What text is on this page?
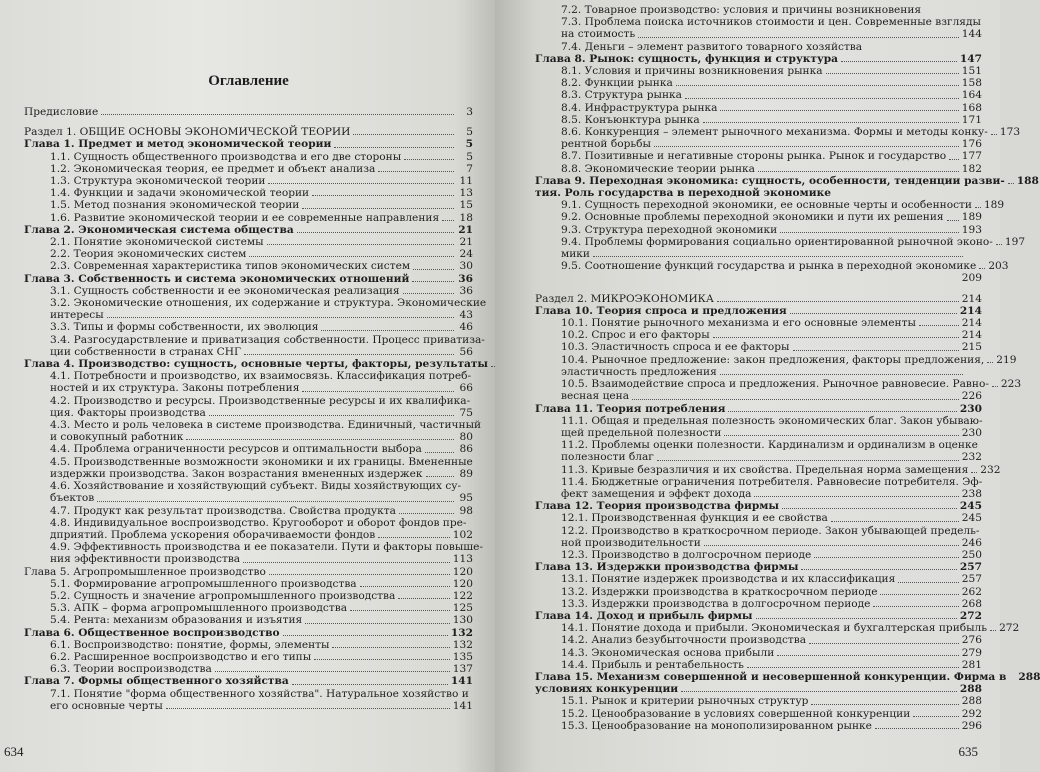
Оглавление
Предисловие	3
Раздел 1. ОБЩИЕ ОСНОВЫ ЭКОНОМИЧЕСКОЙ ТЕОРИИ	5
Глава 1. Предмет и метод экономической теории	5
1.1. Сущность общественного производства и его две стороны	5
1.2. Экономическая теория, ее предмет и объект анализа	7
1.3. Структура экономической теории	11
1.4. Функции и задачи экономической теории	13
1.5. Метод познания экономической теории	15
1.6. Развитие экономической теории и ее современные направления 18
Глава 2. Экономическая система общества	21
2.1. Понятие экономической системы	21
2.2. Теория экономических систем	24
2.3. Современная характеристика типов экономических систем	30
Глава 3. Собственность и система экономических отношений	36
3.1. Сущность собственности и ее экономическая реализация	36
3.2. Экономические отношения, их содержание и структура. Экономические
интересы	43
3.3. Типы и формы собственности, их эволюция	46
3.4. Разгосударствление и приватизация собственности. Процесс приватиза-
ции собственности в странах СНГ	56
Глава 4. Производство: сущность, основные черты, факторы, результаты
4.1. Потребности и производство, их взаимосвязь. Классификация потреб-
ностей и их структура. Законы потребления	66
4.2. Производство и ресурсы. Производственные ресурсы и их квалифика-
ция. Факторы производства	75
4.3. Место и роль человека в системе производства. Единичный, частичный
и совокупный работник	80
4.4. Проблема ограниченности ресурсов и оптимальности выбора	86
4.5. Производственные возможности экономики и их границы. Вмененные
издержки производства. Закон возрастания вмененных издержек	89
4.6. Хозяйствование и хозяйствующий субъект. Виды хозяйствующих су-
бъектов	95
4.7. Продукт как результат производства. Свойства продукта	98
4.8. Индивидуальное воспроизводство. Кругооборот и оборот фондов пре-
дприятий. Проблема ускорения оборачиваемости фондов	102
4.9. Эффективность производства и ее показатели. Пути и факторы повыше-
ния эффективности производства	113
Глава 5. Агропромышленное производство	120
5.1. Формирование агропромышленного производства	120
5.2. Сущность и значение агропромышленного производства	122
5.3. АПК – форма агропромышленного производства	125
5.4. Рента: механизм образования и изъятия	130
Глава 6. Общественное воспроизводство	132
6.1. Воспроизводство: понятие, формы, элементы	132
6.2. Расширенное воспроизводство и его типы	135
6.3. Теории воспроизводства	137
Глава 7. Формы общественного хозяйства	141
7.1. Понятие "форма общественного хозяйства". Натуральное хозяйство и
его основные черты	141
634
7.2. Товарное производство: условия и причины возникновения
7.3. Проблема поиска источников стоимости и цен. Современные взгляды
на стоимость	144
7.4. Деньги – элемент развитого товарного хозяйства
Глава 8. Рынок: сущность, функция и структура	147
8.1. Условия и причины возникновения рынка	151
8.2. Функции рынка	158
8.3. Структура рынка	164
8.4. Инфраструктура рынка	168
8.5. Конъюнктура рынка	171
8.6. Конкуренция – элемент рыночного механизма. Формы и методы конку- 173
рентной борьбы	176
8.7. Позитивные и негативные стороны рынка. Рынок и государство 177
8.8. Экономические теории рынка	182
Глава 9. Переходная экономика: сущность, особенности, тенденции разви- 188
тия. Роль государства в переходной экономике
9.1. Сущность переходной экономики, ее основные черты и особенности 189
9.2. Основные проблемы переходной экономики и пути их решения 189
9.3. Структура переходной экономики	193
9.4. Проблемы формирования социально ориентированной рыночной эконо- 197
мики
9.5. Соотношение функций государства и рынка в переходной экономике 203
209
Раздел 2. МИКРОЭКОНОМИКА	214
Глава 10. Теория спроса и предложения	214
10.1. Понятие рыночного механизма и его основные элементы	214
10.2. Спрос и его факторы	214
10.3. Эластичность спроса и ее факторы	215
10.4. Рыночное предложение: закон предложения, факторы предложения, 219
эластичность предложения
10.5. Взаимодействие спроса и предложения. Рыночное равновесие. Равно- 223
весная цена	226
Глава 11. Теория потребления	230
11.1. Общая и предельная полезность экономических благ. Закон убываю-
щей предельной полезности	230
11.2. Проблемы оценки полезности. Кардинализм и ординализм в оценке
полезности благ	232
11.3. Кривые безразличия и их свойства. Предельная норма замещения 232
11.4. Бюджетные ограничения потребителя. Равновесие потребителя. Эф-
фект замещения и эффект дохода	238
Глава 12. Теория производства фирмы	245
12.1. Производственная функция и ее свойства	245
12.2. Производство в краткосрочном периоде. Закон убывающей предель-
ной производительности	246
12.3. Производство в долгосрочном периоде	250
Глава 13. Издержки производства фирмы	257
13.1. Понятие издержек производства и их классификация	257
13.2. Издержки производства в краткосрочном периоде	262
13.3. Издержки производства в долгосрочном периоде	268
Глава 14. Доход и прибыль фирмы	272
14.1. Понятие дохода и прибыли. Экономическая и бухгалтерская прибыль 272
14.2. Анализ безубыточности производства	276
14.3. Экономическая основа прибыли	279
14.4. Прибыль и рентабельность	281
Глава 15. Механизм совершенной и несовершенной конкуренции. Фирма в 288
условиях конкуренции	288
15.1. Рынок и критерии рыночных структур	288
15.2. Ценообразование в условиях совершенной конкуренции	292
15.3. Ценообразование на монополизированном рынке	296
635
